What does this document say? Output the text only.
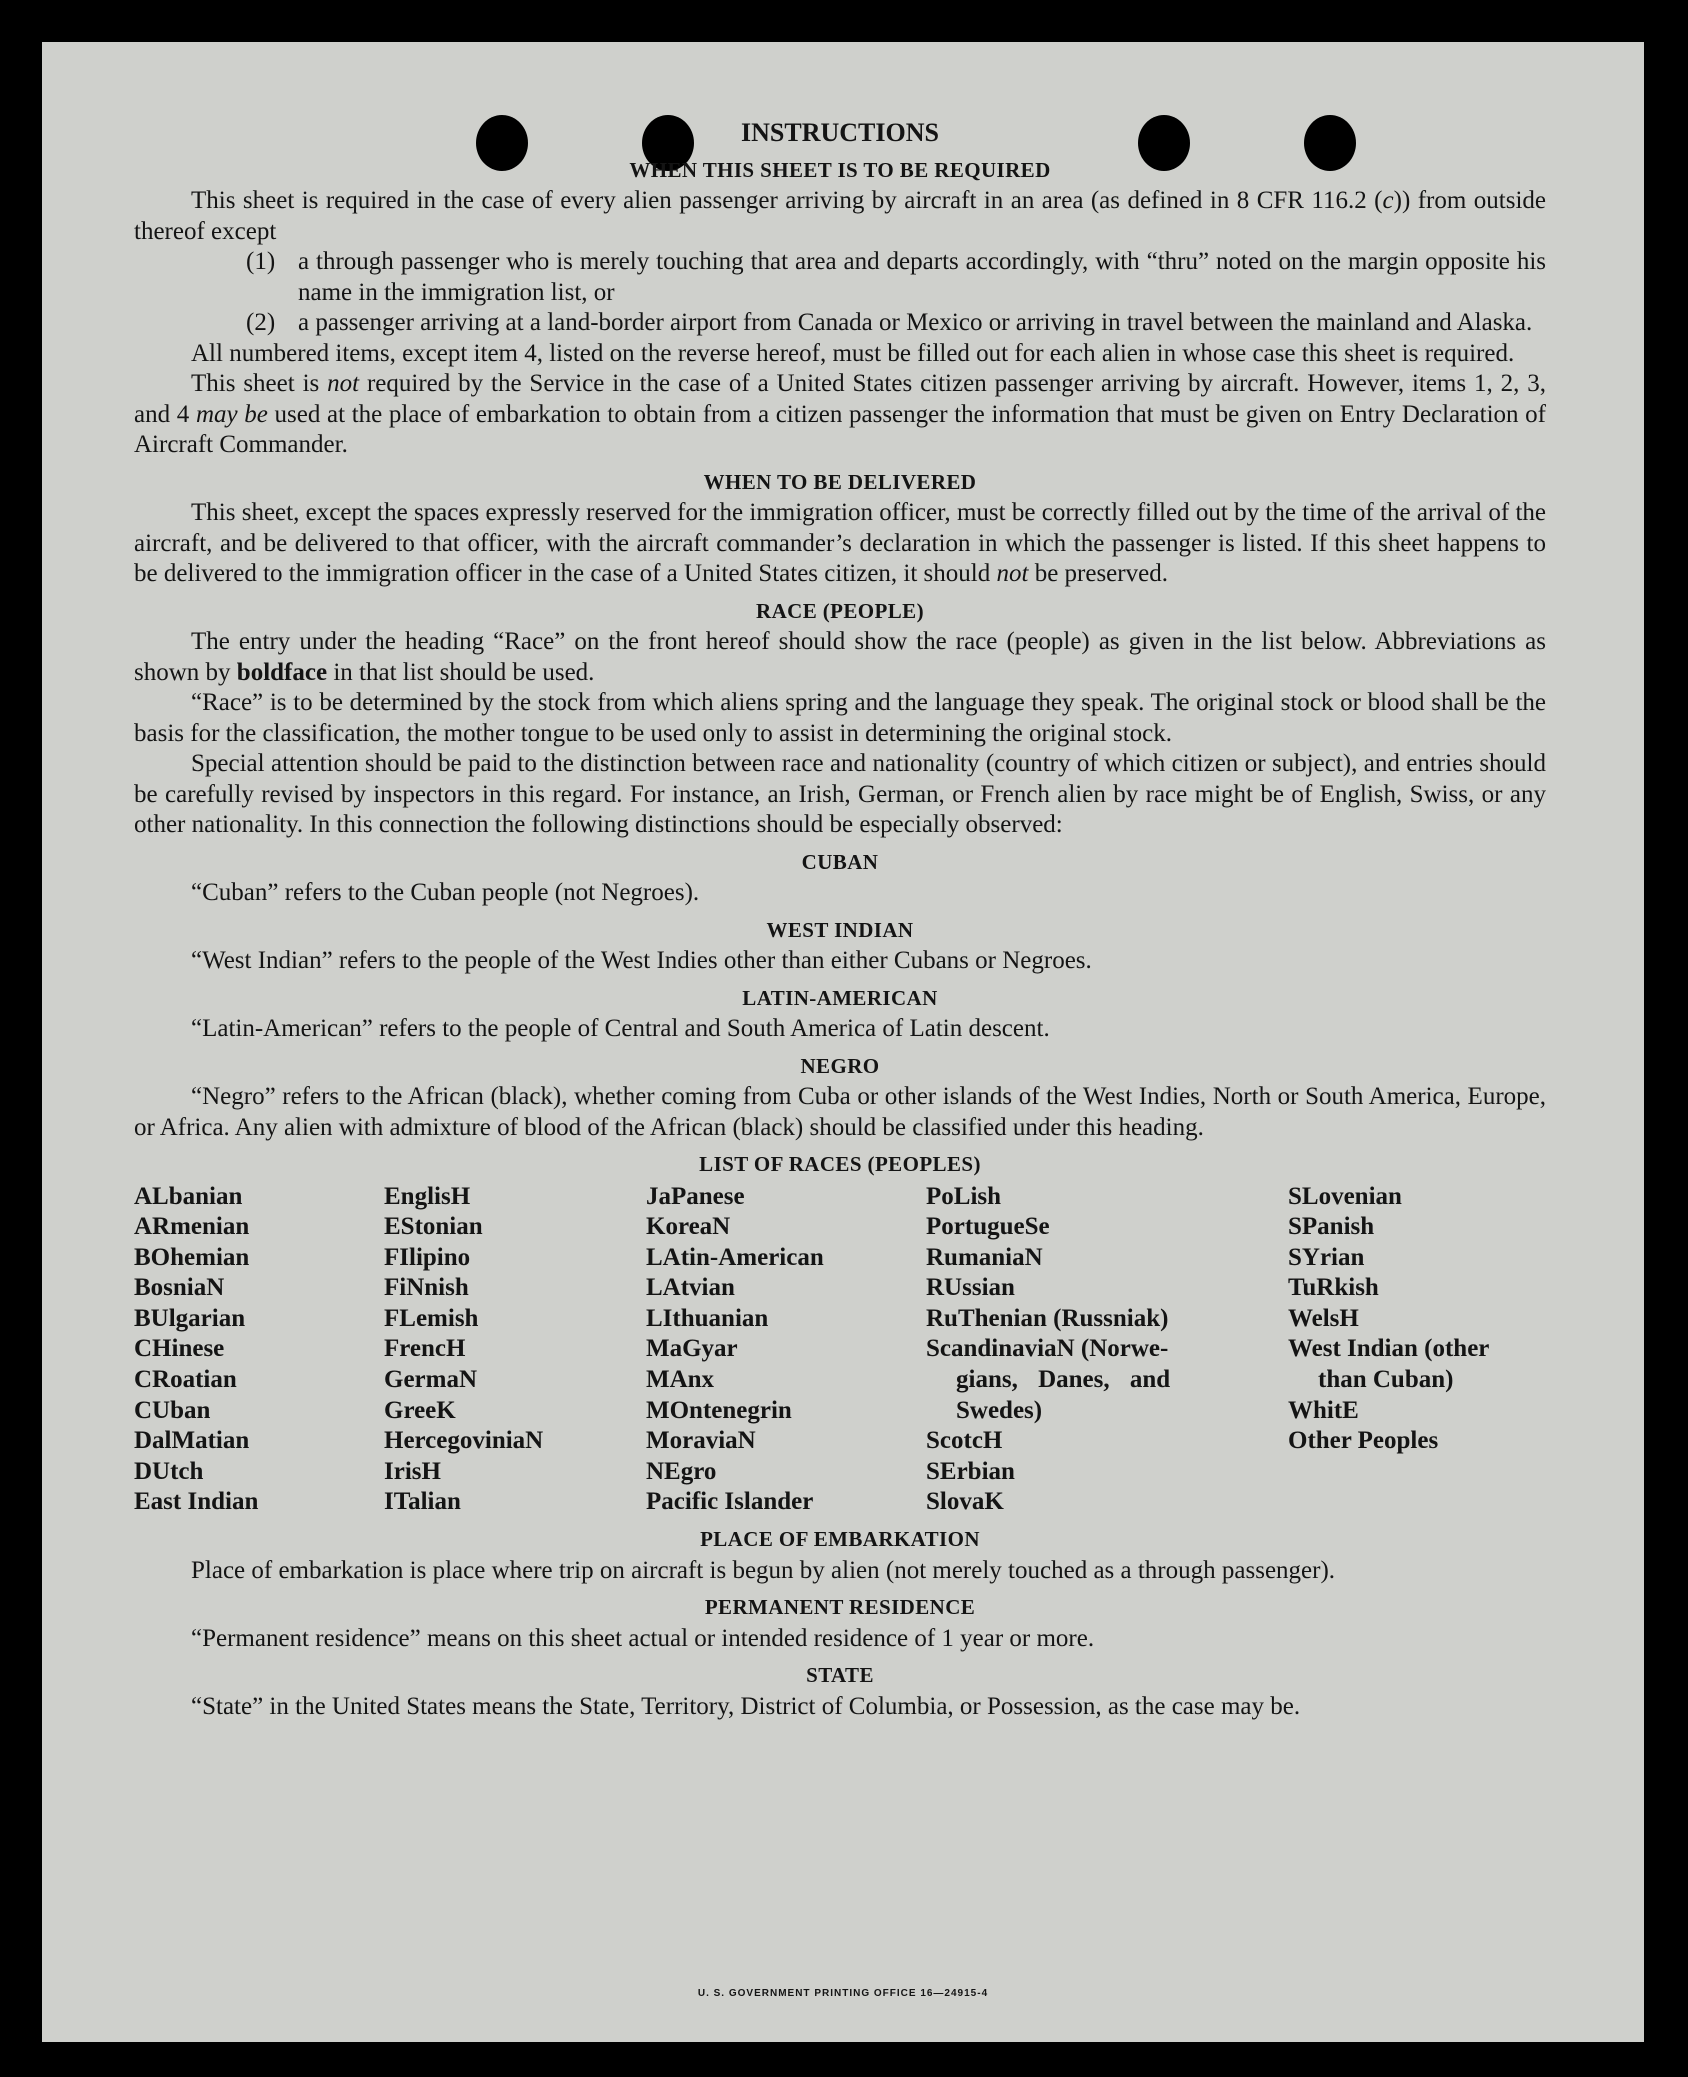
U. S. GOVERNMENT PRINTING OFFICE 16—24915-4
INSTRUCTIONS
WHEN THIS SHEET IS TO BE REQUIRED

This sheet is required in the case of every alien passenger arriving by aircraft in an area (as defined in 8 CFR 116.2 (c)) from outside thereof except

(1) a through passenger who is merely touching that area and departs accordingly, with “thru” noted on the margin opposite his name in the immigration list, or
(2) a passenger arriving at a land-border airport from Canada or Mexico or arriving in travel between the mainland and Alaska.

All numbered items, except item 4, listed on the reverse hereof, must be filled out for each alien in whose case this sheet is required.

This sheet is not required by the Service in the case of a United States citizen passenger arriving by aircraft. However, items 1, 2, 3, and 4 may be used at the place of embarkation to obtain from a citizen passenger the information that must be given on Entry Declaration of Aircraft Commander.

WHEN TO BE DELIVERED

This sheet, except the spaces expressly reserved for the immigration officer, must be correctly filled out by the time of the arrival of the aircraft, and be delivered to that officer, with the aircraft commander’s declaration in which the passenger is listed. If this sheet happens to be delivered to the immigration officer in the case of a United States citizen, it should not be preserved.

RACE (PEOPLE)

The entry under the heading “Race” on the front hereof should show the race (people) as given in the list below. Abbreviations as shown by boldface in that list should be used.

“Race” is to be determined by the stock from which aliens spring and the language they speak. The original stock or blood shall be the basis for the classification, the mother tongue to be used only to assist in determining the original stock.

Special attention should be paid to the distinction between race and nationality (country of which citizen or subject), and entries should be carefully revised by inspectors in this regard. For instance, an Irish, German, or French alien by race might be of English, Swiss, or any other nationality. In this connection the following distinctions should be especially observed:

CUBAN

“Cuban” refers to the Cuban people (not Negroes).

WEST INDIAN

“West Indian” refers to the people of the West Indies other than either Cubans or Negroes.

LATIN-AMERICAN

“Latin-American” refers to the people of Central and South America of Latin descent.

NEGRO

“Negro” refers to the African (black), whether coming from Cuba or other islands of the West Indies, North or South America, Europe, or Africa. Any alien with admixture of blood of the African (black) should be classified under this heading.

LIST OF RACES (PEOPLES)
ALbanian
ARmenian
BOhemian
BosniaN
BUlgarian
CHinese
CRoatian
CUban
DalMatian
DUtch
East Indian
EnglisH
EStonian
FIlipino
FiNnish
FLemish
FrencH
GermaN
GreeK
HercegoviniaN
IrisH
ITalian
JaPanese
KoreaN
LAtin-American
LAtvian
LIthuanian
MaGyar
MAnx
MOntenegrin
MoraviaN
NEgro
Pacific Islander
PoLish
PortugueSe
RumaniaN
RUssian
RuThenian (Russniak)
ScandinaviaN (Norwe-
gians, Danes, and
Swedes)
ScotcH
SErbian
SlovaK
SLovenian
SPanish
SYrian
TuRkish
WelsH
West Indian (other
than Cuban)
WhitE
Other Peoples
PLACE OF EMBARKATION

Place of embarkation is place where trip on aircraft is begun by alien (not merely touched as a through passenger).

PERMANENT RESIDENCE

“Permanent residence” means on this sheet actual or intended residence of 1 year or more.

STATE

“State” in the United States means the State, Territory, District of Columbia, or Possession, as the case may be.
